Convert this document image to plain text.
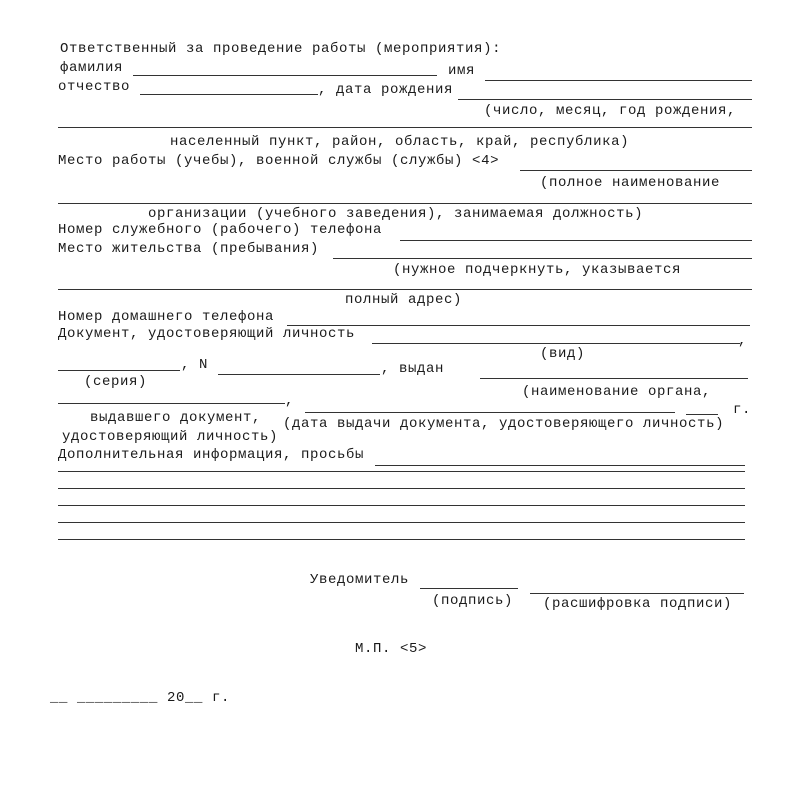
Ответственный за проведение работы (мероприятия):
фамилия	имя
отчество	, дата рождения
(число, месяц, год рождения,
населенный пункт, район, область, край, республика)
Место работы (учебы), военной службы (службы) <4>
(полное наименование
организации (учебного заведения), занимаемая должность)
Номер служебного (рабочего) телефона
Место жительства (пребывания)
(нужное подчеркнуть, указывается
полный адрес)
Номер домашнего телефона
Документ, удостоверяющий личность	,
(вид)
, N	, выдан
(серия)
(наименование органа,
,
г.
выдавшего документ, (дата выдачи документа, удостоверяющего личность)
удостоверяющий личность)
Дополнительная информация, просьбы
Уведомитель
(подпись) (расшифровка подписи)
М.П. <5>
__ _________ 20__ г.
